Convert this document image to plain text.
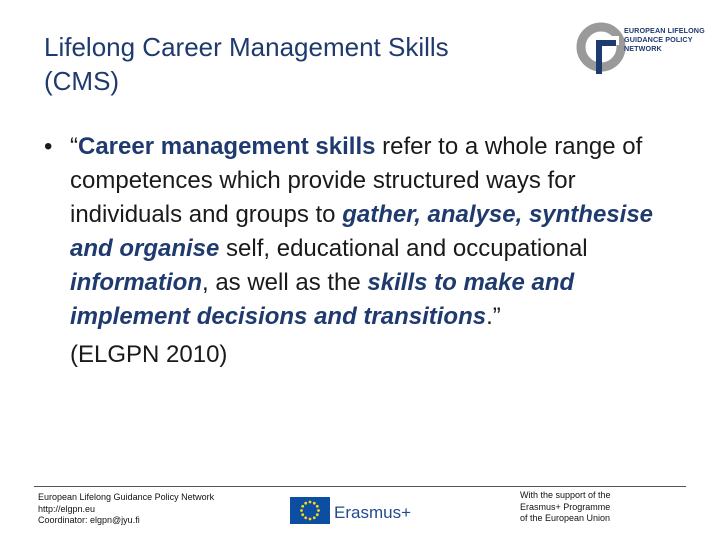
Lifelong Career Management Skills
(CMS)
EUROPEAN LIFELONG
GUIDANCE POLICY
NETWORK
• “Career management skills refer to a whole range of competences which provide structured ways for individuals and groups to gather, analyse, synthesise and organise self, educational and occupational information, as well as the skills to make and implement decisions and transitions.”
(ELGPN 2010)
European Lifelong Guidance Policy Network
http://elgpn.eu
Coordinator: elgpn@jyu.fi	Erasmus+
With the support of the
Erasmus+ Programme
of the European Union
